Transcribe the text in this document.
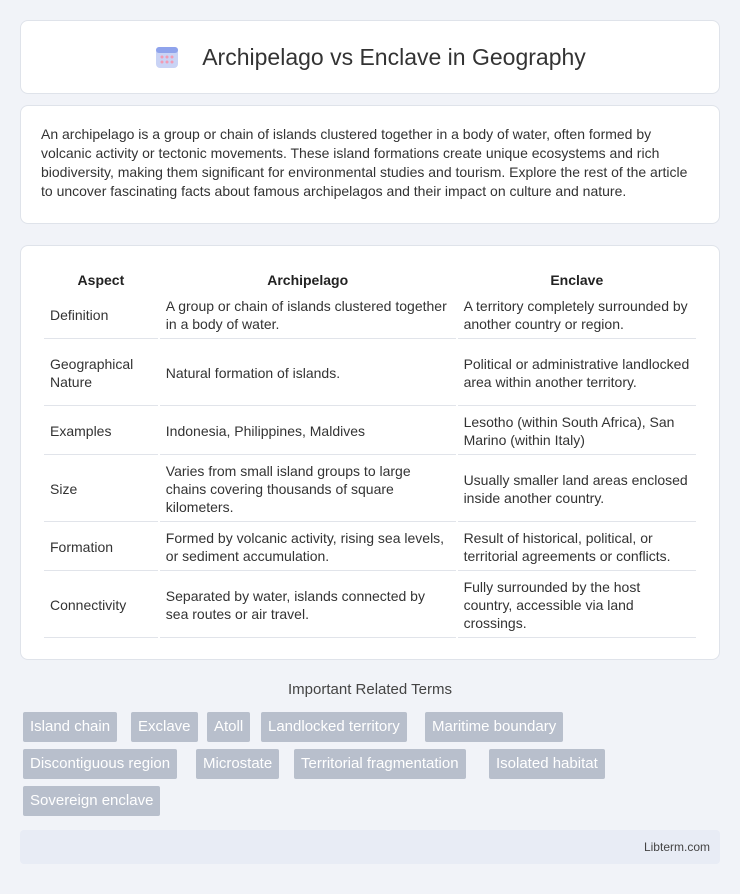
Archipelago vs Enclave in Geography

An archipelago is a group or chain of islands clustered together in a body of water, often formed by volcanic activity or tectonic movements. These island formations create unique ecosystems and rich biodiversity, making them significant for environmental studies and tourism. Explore the rest of the article to uncover fascinating facts about famous archipelagos and their impact on culture and nature.

Aspect	Archipelago	Enclave
Definition	A group or chain of islands clustered together in a body of water.	A territory completely surrounded by another country or region.
Geographical Nature	Natural formation of islands.	Political or administrative landlocked area within another territory.
Examples	Indonesia, Philippines, Maldives	Lesotho (within South Africa), San Marino (within Italy)
Size	Varies from small island groups to large chains covering thousands of square kilometers.	Usually smaller land areas enclosed inside another country.
Formation	Formed by volcanic activity, rising sea levels, or sediment accumulation.	Result of historical, political, or territorial agreements or conflicts.
Connectivity	Separated by water, islands connected by sea routes or air travel.	Fully surrounded by the host country, accessible via land crossings.
Important Related Terms
Island chain	Exclave	Atoll	Landlocked territory	Maritime boundary
Discontiguous region	Microstate	Territorial fragmentation	Isolated habitat
Sovereign enclave
Libterm.com
